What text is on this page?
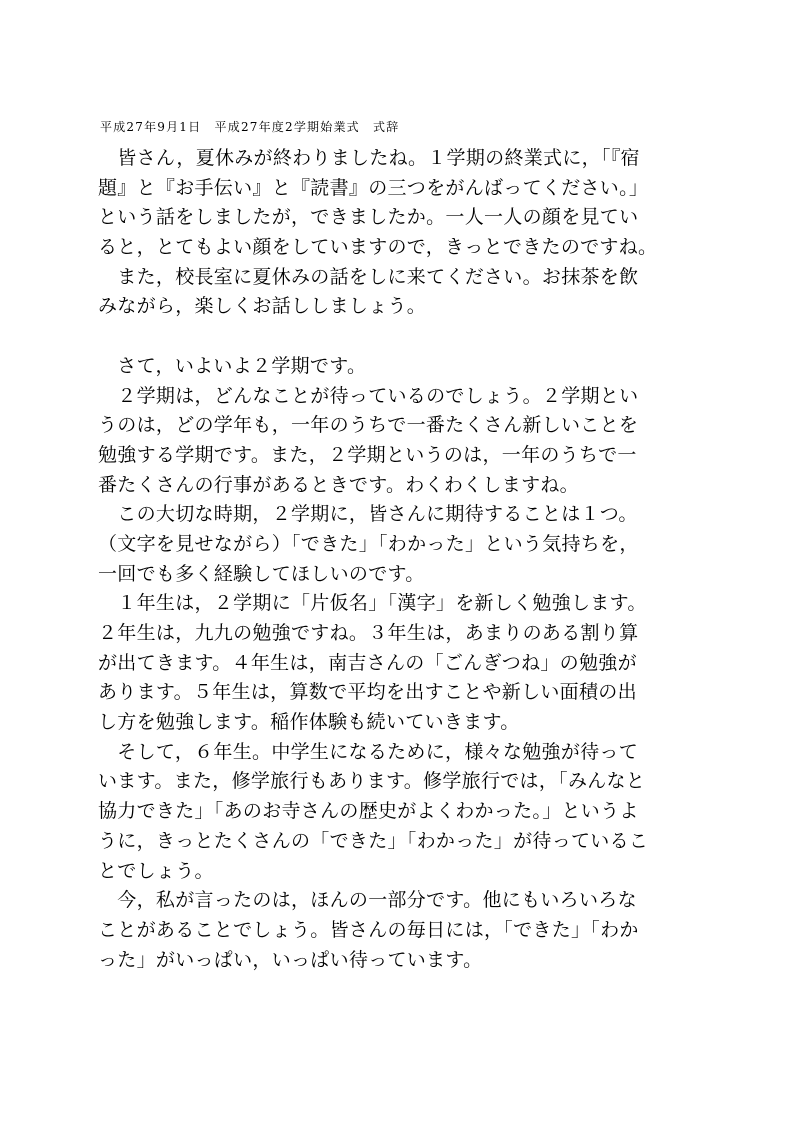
平成27年9月1日　平成27年度2学期始業式　式辞
　皆さん，夏休みが終わりましたね。１学期の終業式に，「『宿
題』と『お手伝い』と『読書』の三つをがんばってください。」
という話をしましたが，できましたか。一人一人の顔を見てい
ると，とてもよい顔をしていますので，きっとできたのですね。
　また，校長室に夏休みの話をしに来てください。お抹茶を飲
みながら，楽しくお話ししましょう。
　さて，いよいよ２学期です。
　２学期は，どんなことが待っているのでしょう。２学期とい
うのは，どの学年も，一年のうちで一番たくさん新しいことを
勉強する学期です。また，２学期というのは，一年のうちで一
番たくさんの行事があるときです。わくわくしますね。
　この大切な時期，２学期に，皆さんに期待することは１つ。
（文字を見せながら）「できた」「わかった」という気持ちを，
一回でも多く経験してほしいのです。
　１年生は，２学期に「片仮名」「漢字」を新しく勉強します。
２年生は，九九の勉強ですね。３年生は，あまりのある割り算
が出てきます。４年生は，南吉さんの「ごんぎつね」の勉強が
あります。５年生は，算数で平均を出すことや新しい面積の出
し方を勉強します。稲作体験も続いていきます。
　そして，６年生。中学生になるために，様々な勉強が待って
います。また，修学旅行もあります。修学旅行では，「みんなと
協力できた」「あのお寺さんの歴史がよくわかった。」というよ
うに，きっとたくさんの「できた」「わかった」が待っているこ
とでしょう。
　今，私が言ったのは，ほんの一部分です。他にもいろいろな
ことがあることでしょう。皆さんの毎日には，「できた」「わか
った」がいっぱい，いっぱい待っています。
